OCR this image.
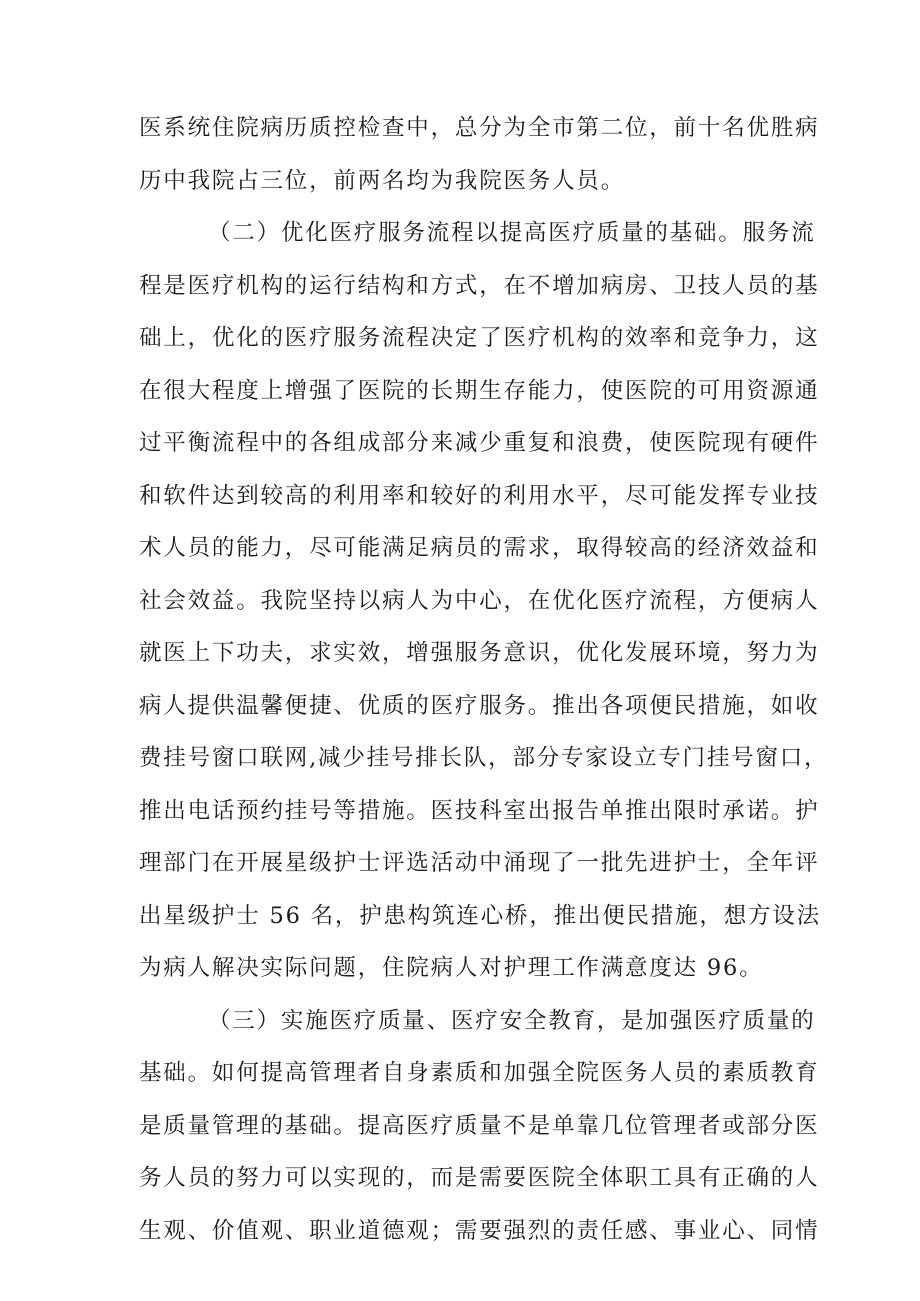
医系统住院病历质控检查中，总分为全市第二位，前十名优胜病
历中我院占三位，前两名均为我院医务人员。
（二）优化医疗服务流程以提高医疗质量的基础。服务流
程是医疗机构的运行结构和方式，在不增加病房、卫技人员的基
础上，优化的医疗服务流程决定了医疗机构的效率和竞争力，这
在很大程度上增强了医院的长期生存能力，使医院的可用资源通
过平衡流程中的各组成部分来减少重复和浪费，使医院现有硬件
和软件达到较高的利用率和较好的利用水平，尽可能发挥专业技
术人员的能力，尽可能满足病员的需求，取得较高的经济效益和
社会效益。我院坚持以病人为中心，在优化医疗流程，方便病人
就医上下功夫，求实效，增强服务意识，优化发展环境，努力为
病人提供温馨便捷、优质的医疗服务。推出各项便民措施，如收
费挂号窗口联网,减少挂号排长队，部分专家设立专门挂号窗口，
推出电话预约挂号等措施。医技科室出报告单推出限时承诺。护
理部门在开展星级护士评选活动中涌现了一批先进护士，全年评
出星级护士 56 名，护患构筑连心桥，推出便民措施，想方设法
为病人解决实际问题，住院病人对护理工作满意度达 96。
（三）实施医疗质量、医疗安全教育，是加强医疗质量的
基础。如何提高管理者自身素质和加强全院医务人员的素质教育
是质量管理的基础。提高医疗质量不是单靠几位管理者或部分医
务人员的努力可以实现的，而是需要医院全体职工具有正确的人
生观、价值观、职业道德观；需要强烈的责任感、事业心、同情
